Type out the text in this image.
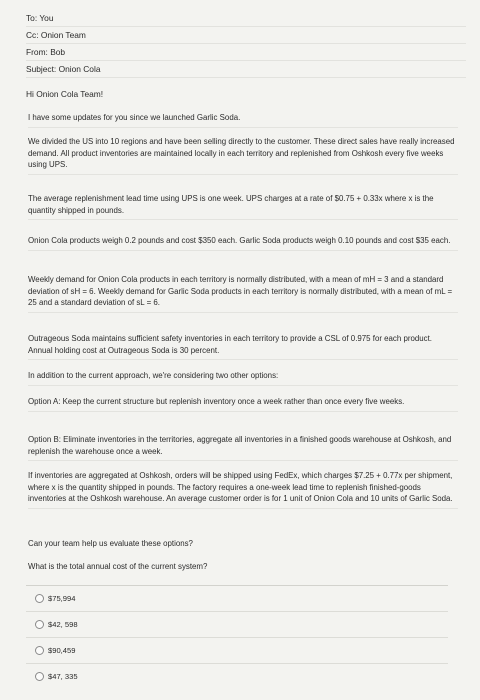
To: You
Cc: Onion Team
From: Bob
Subject: Onion Cola
Hi Onion Cola Team!
I have some updates for you since we launched Garlic Soda.
We divided the US into 10 regions and have been selling directly to the customer. These direct sales have really increased demand. All product inventories are maintained locally in each territory and replenished from Oshkosh every five weeks using UPS.
The average replenishment lead time using UPS is one week. UPS charges at a rate of $0.75 + 0.33x where x is the quantity shipped in pounds.
Onion Cola products weigh 0.2 pounds and cost $350 each. Garlic Soda products weigh 0.10 pounds and cost $35 each.
Weekly demand for Onion Cola products in each territory is normally distributed, with a mean of mH = 3 and a standard deviation of sH = 6. Weekly demand for Garlic Soda products in each territory is normally distributed, with a mean of mL = 25 and a standard deviation of sL = 6.
Outrageous Soda maintains sufficient safety inventories in each territory to provide a CSL of 0.975 for each product. Annual holding cost at Outrageous Soda is 30 percent.
In addition to the current approach, we're considering two other options:
Option A: Keep the current structure but replenish inventory once a week rather than once every five weeks.
Option B: Eliminate inventories in the territories, aggregate all inventories in a finished goods warehouse at Oshkosh, and replenish the warehouse once a week.
If inventories are aggregated at Oshkosh, orders will be shipped using FedEx, which charges $7.25 + 0.77x per shipment, where x is the quantity shipped in pounds. The factory requires a one-week lead time to replenish finished-goods inventories at the Oshkosh warehouse. An average customer order is for 1 unit of Onion Cola and 10 units of Garlic Soda.
Can your team help us evaluate these options?
What is the total annual cost of the current system?
$75,994
$42, 598
$90,459
$47, 335
